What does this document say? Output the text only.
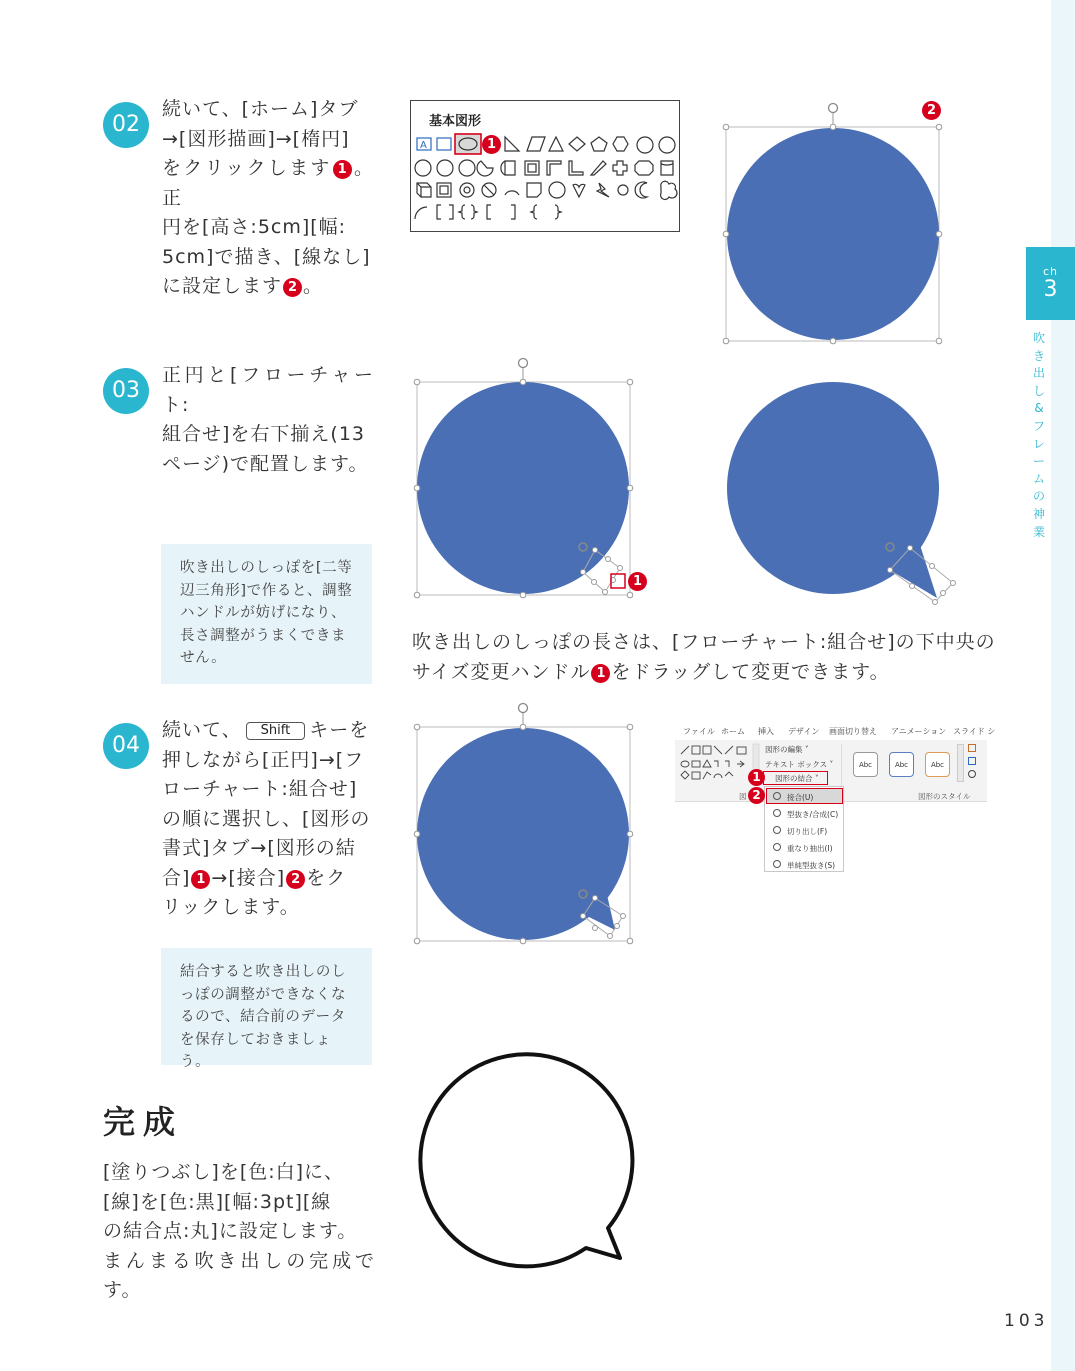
ch
3
吹
き
出
し
&
フ
レ
ー
ム
の
神
業
02
続いて、[ホーム]タブ
→[図形描画]→[楕円]
をクリックします 1 。正
円を[高さ:5cm][幅:
5cm]で描き、[線なし]
に設定します 2 。
基本図形
A	1
2
03
正円と[フローチャート:
組合せ]を右下揃え(13
ページ)で配置します。
吹き出しのしっぽを[二等辺三角形]で作ると、調整ハンドルが妨げになり、長さ調整がうまくできません。
1
吹き出しのしっぽの長さは、[フローチャート:組合せ]の下中央の
サイズ変更ハンドル 1 をドラッグして変更できます。
04
続いて、 Shift キーを
押しながら[正円]→[フ
ローチャート:組合せ]
の順に選択し、[図形の
書式]タブ→[図形の結
合] 1 →[接合] 2 をク
リックします。
結合すると吹き出しのしっぽの調整ができなくなるので、結合前のデータを保存しておきましょう。
ファイル ホーム 挿入 デザイン 画面切り替え アニメーション スライド シ
図形の編集 ˅
テキスト ボックス ˅
図形の結合 ˅
図
Abc	Abc	Abc
図形のスタイル
接合(U)
型抜き/合成(C)
切り出し(F)
重なり抽出(I)
単純型抜き(S)
1
2
完成
[塗りつぶし]を[色:白]に、
[線]を[色:黒][幅:3pt][線
の結合点:丸]に設定します。
まんまる吹き出しの完成です。
103
